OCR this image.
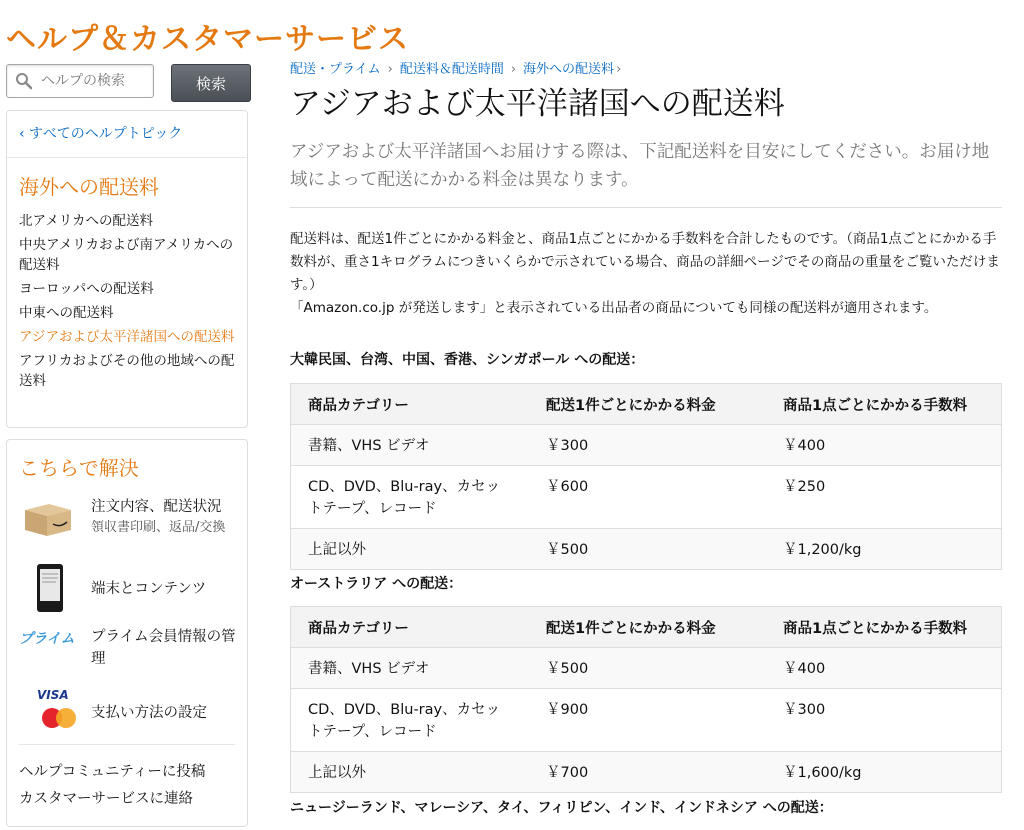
ヘルプ＆カスタマーサービス
ヘルプの検索
検索
‹ すべてのヘルプトピック
海外への配送料
北アメリカへの配送料
中央アメリカおよび南アメリカへの配送料
ヨーロッパへの配送料
中東への配送料
アジアおよび太平洋諸国への配送料
アフリカおよびその他の地域への配送料
こちらで解決
注文内容、配送状況
領収書印刷、返品/交換
端末とコンテンツ
プライム	プライム会員情報の管理
VISA
支払い方法の設定
ヘルプコミュニティーに投稿
カスタマーサービスに連絡
配送・プライム › 配送料＆配送時間 › 海外への配送料 ›
アジアおよび太平洋諸国への配送料
アジアおよび太平洋諸国へお届けする際は、下記配送料を目安にしてください。お届け地域によって配送にかかる料金は異なります。
配送料は、配送1件ごとにかかる料金と、商品1点ごとにかかる手数料を合計したものです。（商品1点ごとにかかる手数料が、重さ1キログラムにつきいくらかで示されている場合、商品の詳細ページでその商品の重量をご覧いただけます。）
「Amazon.co.jp が発送します」と表示されている出品者の商品についても同様の配送料が適用されます。
大韓民国、台湾、中国、香港、シンガポール への配送：
商品カテゴリー	配送1件ごとにかかる料金	商品1点ごとにかかる手数料
書籍、VHS ビデオ	￥300	￥400
CD、DVD、Blu-ray、カセットテープ、レコード	￥600	￥250
上記以外	￥500	￥1,200/kg
オーストラリア への配送：
商品カテゴリー	配送1件ごとにかかる料金	商品1点ごとにかかる手数料
書籍、VHS ビデオ	￥500	￥400
CD、DVD、Blu-ray、カセットテープ、レコード	￥900	￥300
上記以外	￥700	￥1,600/kg
ニュージーランド、マレーシア、タイ、フィリピン、インド、インドネシア への配送：
